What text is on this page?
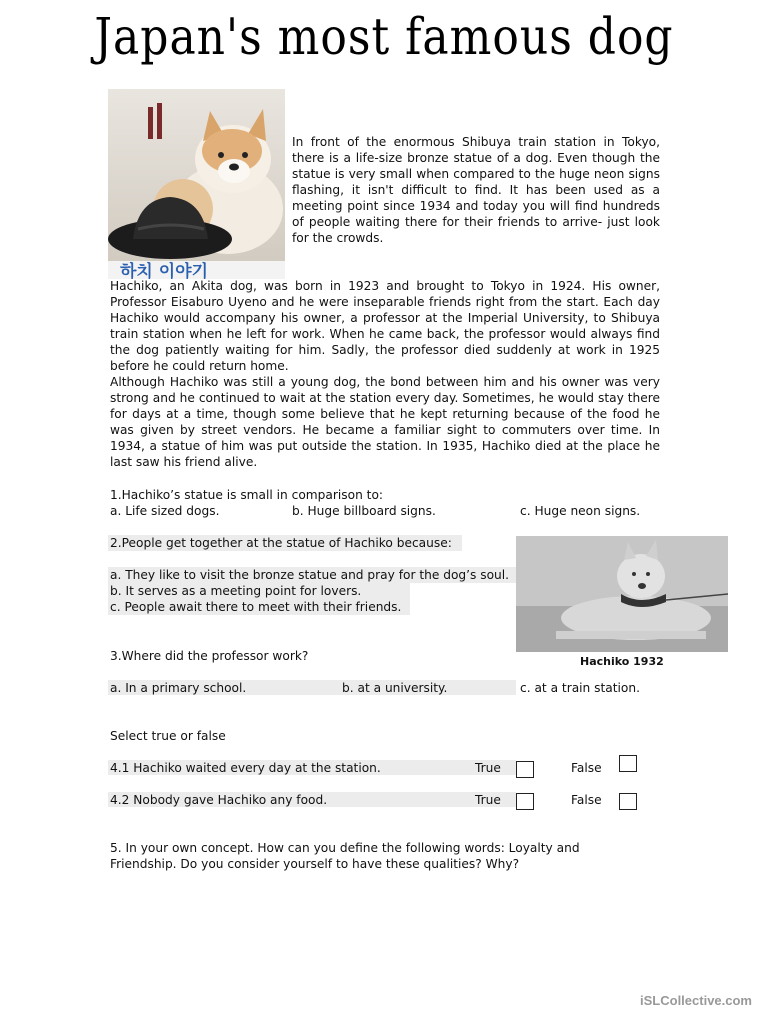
Japan's most famous dog
하치 이야기
In front of the enormous Shibuya train station in Tokyo, there is a life-size bronze statue of a dog. Even though the statue is very small when compared to the huge neon signs flashing, it isn't difficult to find. It has been used as a meeting point since 1934 and today you will find hundreds of people waiting there for their friends to arrive- just look for the crowds.
Hachiko, an Akita dog, was born in 1923 and brought to Tokyo in 1924. His owner, Professor Eisaburo Uyeno and he were inseparable friends right from the start. Each day Hachiko would accompany his owner, a professor at the Imperial University, to Shibuya train station when he left for work. When he came back, the professor would always find the dog patiently waiting for him. Sadly, the professor died suddenly at work in 1925 before he could return home.
Although Hachiko was still a young dog, the bond between him and his owner was very strong and he continued to wait at the station every day. Sometimes, he would stay there for days at a time, though some believe that he kept returning because of the food he was given by street vendors. He became a familiar sight to commuters over time. In 1934, a statue of him was put outside the station. In 1935, Hachiko died at the place he last saw his friend alive.
1.Hachiko’s statue is small in comparison to:
a. Life sized dogs.	b. Huge billboard signs.	c. Huge neon signs.
2.People get together at the statue of Hachiko because:
a. They like to visit the bronze statue and pray for the dog’s soul.
b. It serves as a meeting point for lovers.
c. People await there to meet with their friends.
Hachiko 1932
3.Where did the professor work?
a. In a primary school.	b. at a university.	c. at a train station.
Select true or false
4.1 Hachiko waited every day at the station.	True	False
4.2 Nobody gave Hachiko any food.	True	False
5. In your own concept. How can you define the following words: Loyalty and Friendship. Do you consider yourself to have these qualities? Why?
iSLCollective.com
